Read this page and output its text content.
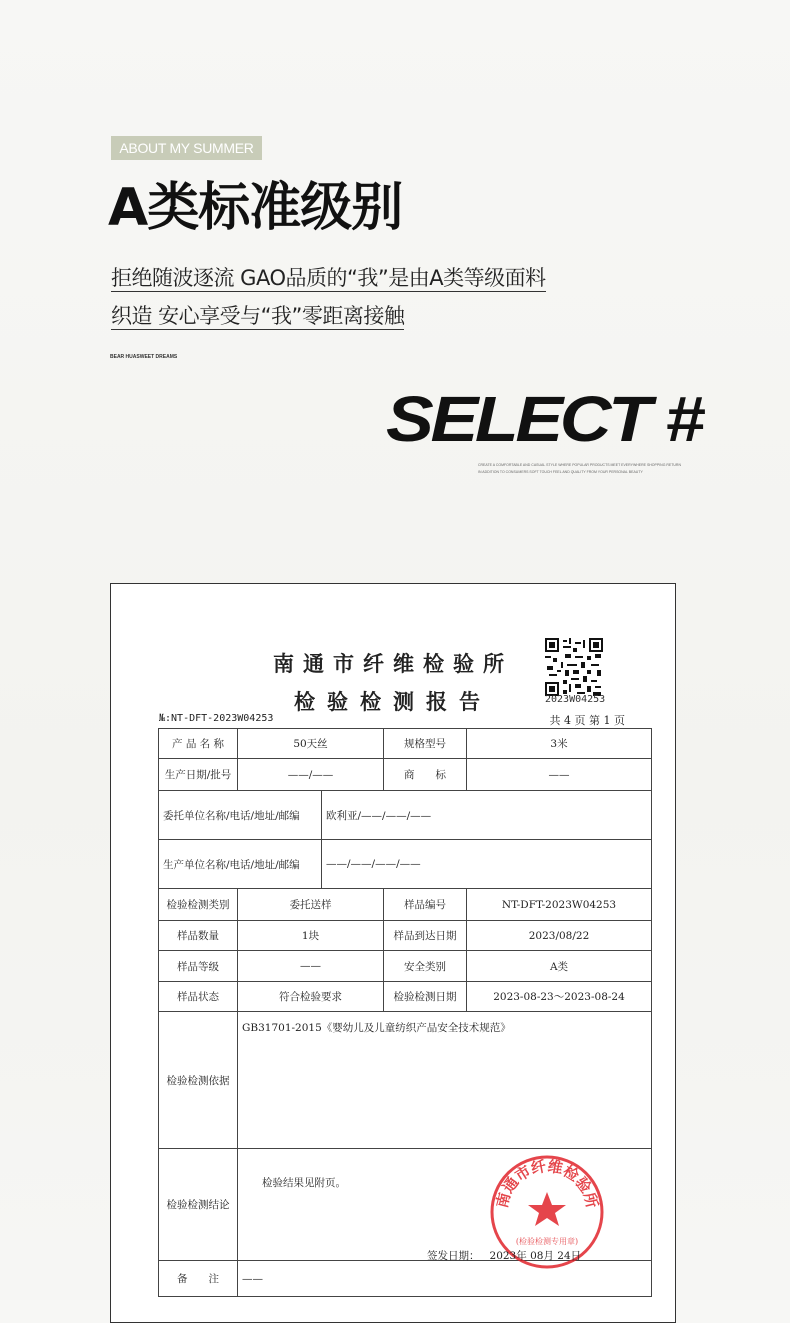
ABOUT MY SUMMER
A类标准级别
拒绝随波逐流 GAO品质的“我”是由A类等级面料
织造 安心享受与“我”零距离接触
BEAR HUASWEET DREAMS
SELECT #
CREATE A COMFORTABLE AND CASUAL STYLE WHERE POPULAR PRODUCTS MEET EVERYWHERE SHOPPING RETURN
IN ADDITION TO CONSUMERS SOFT TOUCH FEEL AND QUALITY FROM YOUR PERSONAL BEAUTY
南通市纤维检验所
检验检测报告	2023W04253
№:NT-DFT-2023W04253	共 4 页 第 1 页
产 品 名 称	50天丝		规格型号	3米
生产日期/批号	——/——		商　　标	——
委托单位名称/电话/地址/邮编		欧利亚/——/——/——		
生产单位名称/电话/地址/邮编		——/——/——/——		
检验检测类别	委托送样		样品编号	NT-DFT-2023W04253
样品数量	1块		样品到达日期	2023/08/22
样品等级	——		安全类别	A类
样品状态	符合检验要求		检验检测日期	2023-08-23～2023-08-24
检验检测依据	GB31701-2015《婴幼儿及儿童纺织产品安全技术规范》			
检验检测结论	检验结果见附页。			
备　　注	——			
南通市纤维检验所
(检验检测专用章)
签发日期： 2023年 08月 24日
